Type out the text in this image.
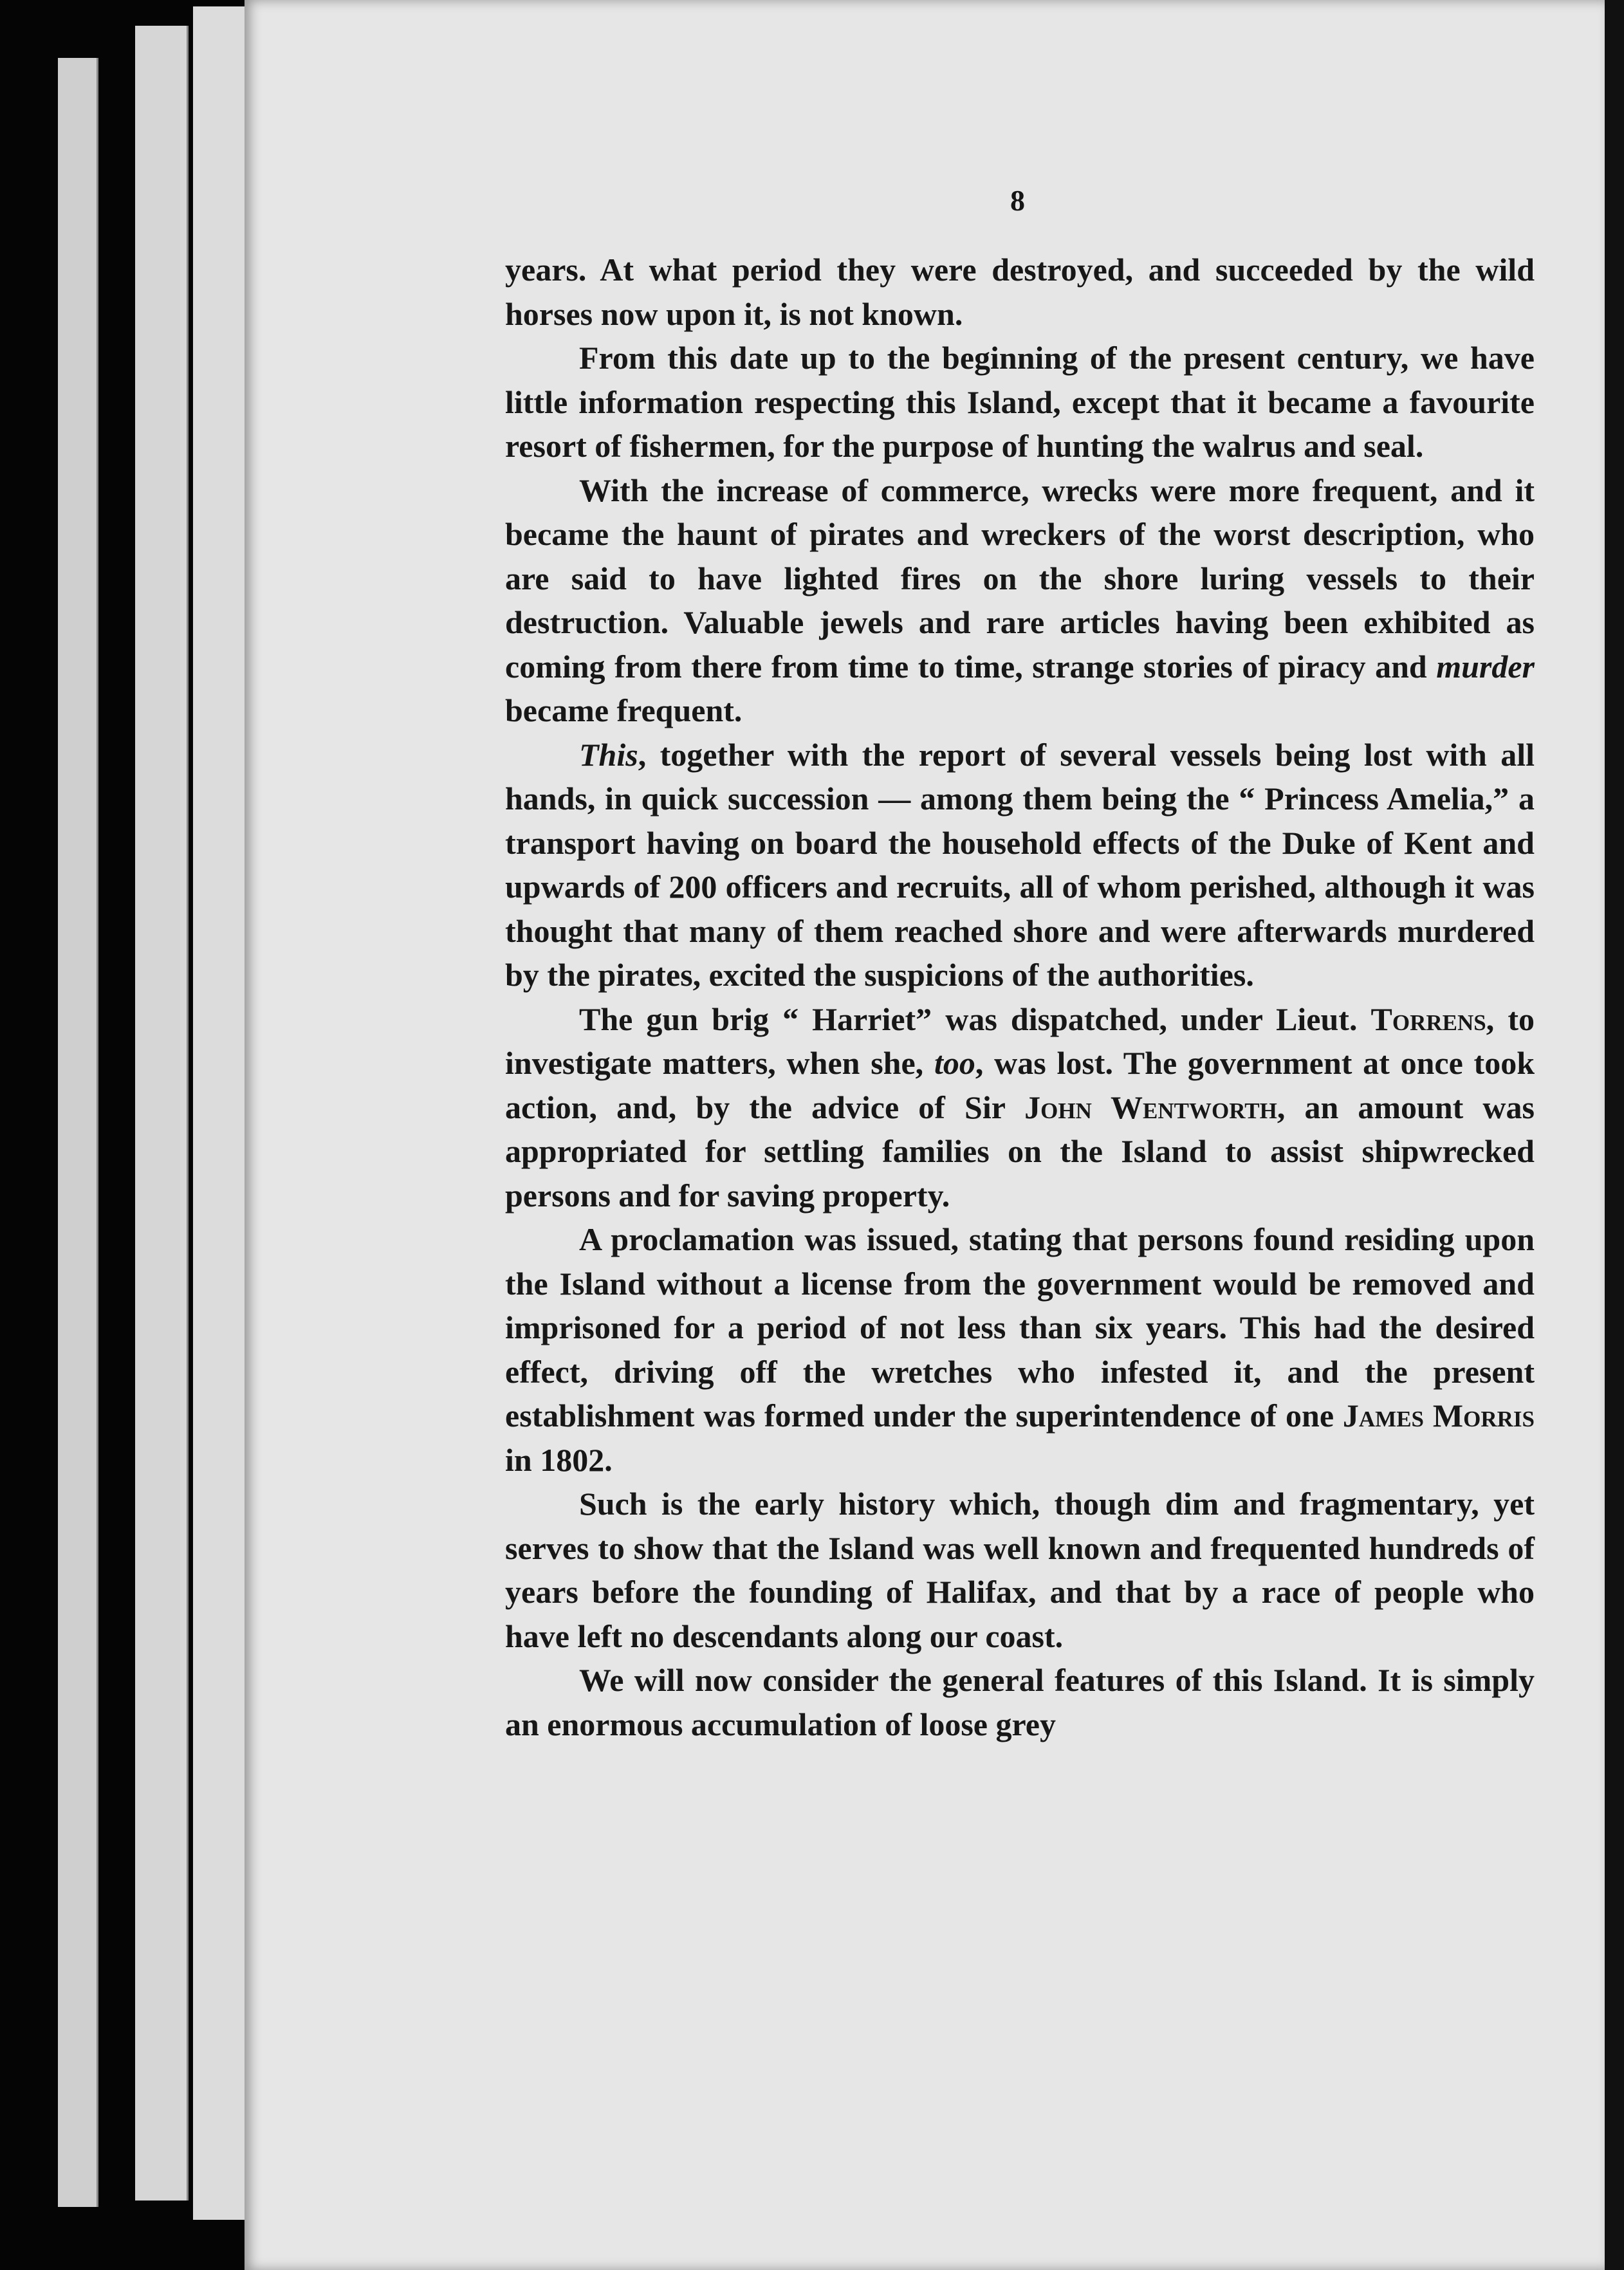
8

years. At what period they were destroyed, and succeeded by the wild horses now upon it, is not known.

From this date up to the beginning of the present century, we have little information respecting this Island, except that it became a favourite resort of fishermen, for the purpose of hunting the walrus and seal.

With the increase of commerce, wrecks were more frequent, and it became the haunt of pirates and wreckers of the worst description, who are said to have lighted fires on the shore luring vessels to their destruction. Valuable jewels and rare articles having been exhibited as coming from there from time to time, strange stories of piracy and murder became frequent.

This, together with the report of several vessels being lost with all hands, in quick succession — among them being the “ Princess Amelia,” a transport having on board the household effects of the Duke of Kent and upwards of 200 officers and recruits, all of whom perished, although it was thought that many of them reached shore and were afterwards murdered by the pirates, excited the suspicions of the authorities.

The gun brig “ Harriet” was dispatched, under Lieut. Torrens, to investigate matters, when she, too, was lost. The government at once took action, and, by the advice of Sir John Wentworth, an amount was appropriated for settling families on the Island to assist shipwrecked persons and for saving property.

A proclamation was issued, stating that persons found residing upon the Island without a license from the government would be removed and imprisoned for a period of not less than six years. This had the desired effect, driving off the wretches who infested it, and the present establishment was formed under the superintendence of one James Morris in 1802.

Such is the early history which, though dim and fragmentary, yet serves to show that the Island was well known and frequented hundreds of years before the founding of Halifax, and that by a race of people who have left no descendants along our coast.

We will now consider the general features of this Island. It is simply an enormous accumulation of loose grey
